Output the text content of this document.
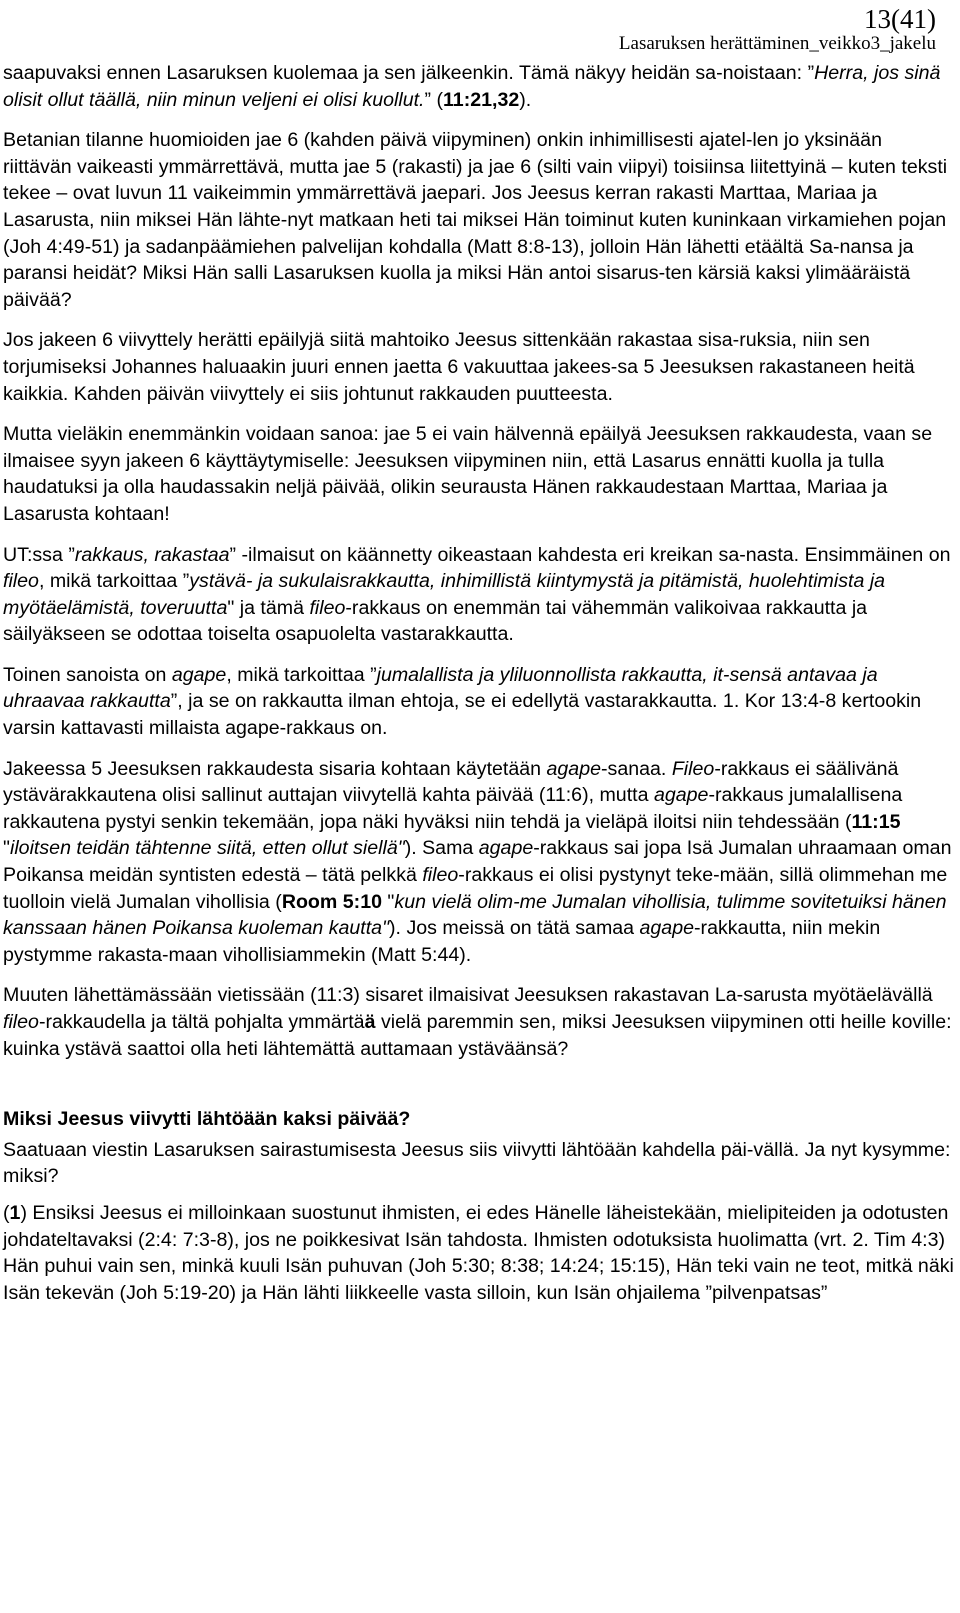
13(41)
Lasaruksen herättäminen_veikko3_jakelu

saapuvaksi ennen Lasaruksen kuolemaa ja sen jälkeenkin. Tämä näkyy heidän sa-noistaan: ”Herra, jos sinä olisit ollut täällä, niin minun veljeni ei olisi kuollut.” (11:21,32).

Betanian tilanne huomioiden jae 6 (kahden päivä viipyminen) onkin inhimillisesti ajatel-len jo yksinään riittävän vaikeasti ymmärrettävä, mutta jae 5 (rakasti) ja jae 6 (silti vain viipyi) toisiinsa liitettyinä – kuten teksti tekee – ovat luvun 11 vaikeimmin ymmärrettävä jaepari. Jos Jeesus kerran rakasti Marttaa, Mariaa ja Lasarusta, niin miksei Hän lähte-nyt matkaan heti tai miksei Hän toiminut kuten kuninkaan virkamiehen pojan (Joh 4:49-51) ja sadanpäämiehen palvelijan kohdalla (Matt 8:8-13), jolloin Hän lähetti etäältä Sa-nansa ja paransi heidät? Miksi Hän salli Lasaruksen kuolla ja miksi Hän antoi sisarus-ten kärsiä kaksi ylimääräistä päivää?

Jos jakeen 6 viivyttely herätti epäilyjä siitä mahtoiko Jeesus sittenkään rakastaa sisa-ruksia, niin sen torjumiseksi Johannes haluaakin juuri ennen jaetta 6 vakuuttaa jakees-sa 5 Jeesuksen rakastaneen heitä kaikkia. Kahden päivän viivyttely ei siis johtunut rakkauden puutteesta.

Mutta vieläkin enemmänkin voidaan sanoa: jae 5 ei vain hälvennä epäilyä Jeesuksen rakkaudesta, vaan se ilmaisee syyn jakeen 6 käyttäytymiselle: Jeesuksen viipyminen niin, että Lasarus ennätti kuolla ja tulla haudatuksi ja olla haudassakin neljä päivää, olikin seurausta Hänen rakkaudestaan Marttaa, Mariaa ja Lasarusta kohtaan!

UT:ssa ”rakkaus, rakastaa” -ilmaisut on käännetty oikeastaan kahdesta eri kreikan sa-nasta. Ensimmäinen on fileo, mikä tarkoittaa ”ystävä- ja sukulaisrakkautta, inhimillistä kiintymystä ja pitämistä, huolehtimista ja myötäelämistä, toveruutta" ja tämä fileo-rakkaus on enemmän tai vähemmän valikoivaa rakkautta ja säilyäkseen se odottaa toiselta osapuolelta vastarakkautta.

Toinen sanoista on agape, mikä tarkoittaa ”jumalallista ja yliluonnollista rakkautta, it-sensä antavaa ja uhraavaa rakkautta”, ja se on rakkautta ilman ehtoja, se ei edellytä vastarakkautta. 1. Kor 13:4-8 kertookin varsin kattavasti millaista agape-rakkaus on.

Jakeessa 5 Jeesuksen rakkaudesta sisaria kohtaan käytetään agape-sanaa. Fileo-rakkaus ei säälivänä ystävärakkautena olisi sallinut auttajan viivytellä kahta päivää (11:6), mutta agape-rakkaus jumalallisena rakkautena pystyi senkin tekemään, jopa näki hyväksi niin tehdä ja vieläpä iloitsi niin tehdessään (11:15 "iloitsen teidän tähtenne siitä, etten ollut siellä"). Sama agape-rakkaus sai jopa Isä Jumalan uhraamaan oman Poikansa meidän syntisten edestä – tätä pelkkä fileo-rakkaus ei olisi pystynyt teke-mään, sillä olimmehan me tuolloin vielä Jumalan vihollisia (Room 5:10 "kun vielä olim-me Jumalan vihollisia, tulimme sovitetuiksi hänen kanssaan hänen Poikansa kuoleman kautta"). Jos meissä on tätä samaa agape-rakkautta, niin mekin pystymme rakasta-maan vihollisiammekin (Matt 5:44).

Muuten lähettämässään vietissään (11:3) sisaret ilmaisivat Jeesuksen rakastavan La-sarusta myötäelävällä fileo-rakkaudella ja tältä pohjalta ymmärtää vielä paremmin sen, miksi Jeesuksen viipyminen otti heille koville: kuinka ystävä saattoi olla heti lähtemättä auttamaan ystäväänsä?

Miksi Jeesus viivytti lähtöään kaksi päivää?

Saatuaan viestin Lasaruksen sairastumisesta Jeesus siis viivytti lähtöään kahdella päi-vällä. Ja nyt kysymme: miksi?

(1) Ensiksi Jeesus ei milloinkaan suostunut ihmisten, ei edes Hänelle läheistekään, mielipiteiden ja odotusten johdateltavaksi (2:4: 7:3-8), jos ne poikkesivat Isän tahdosta. Ihmisten odotuksista huolimatta (vrt. 2. Tim 4:3) Hän puhui vain sen, minkä kuuli Isän puhuvan (Joh 5:30; 8:38; 14:24; 15:15), Hän teki vain ne teot, mitkä näki Isän tekevän (Joh 5:19-20) ja Hän lähti liikkeelle vasta silloin, kun Isän ohjailema ”pilvenpatsas”
